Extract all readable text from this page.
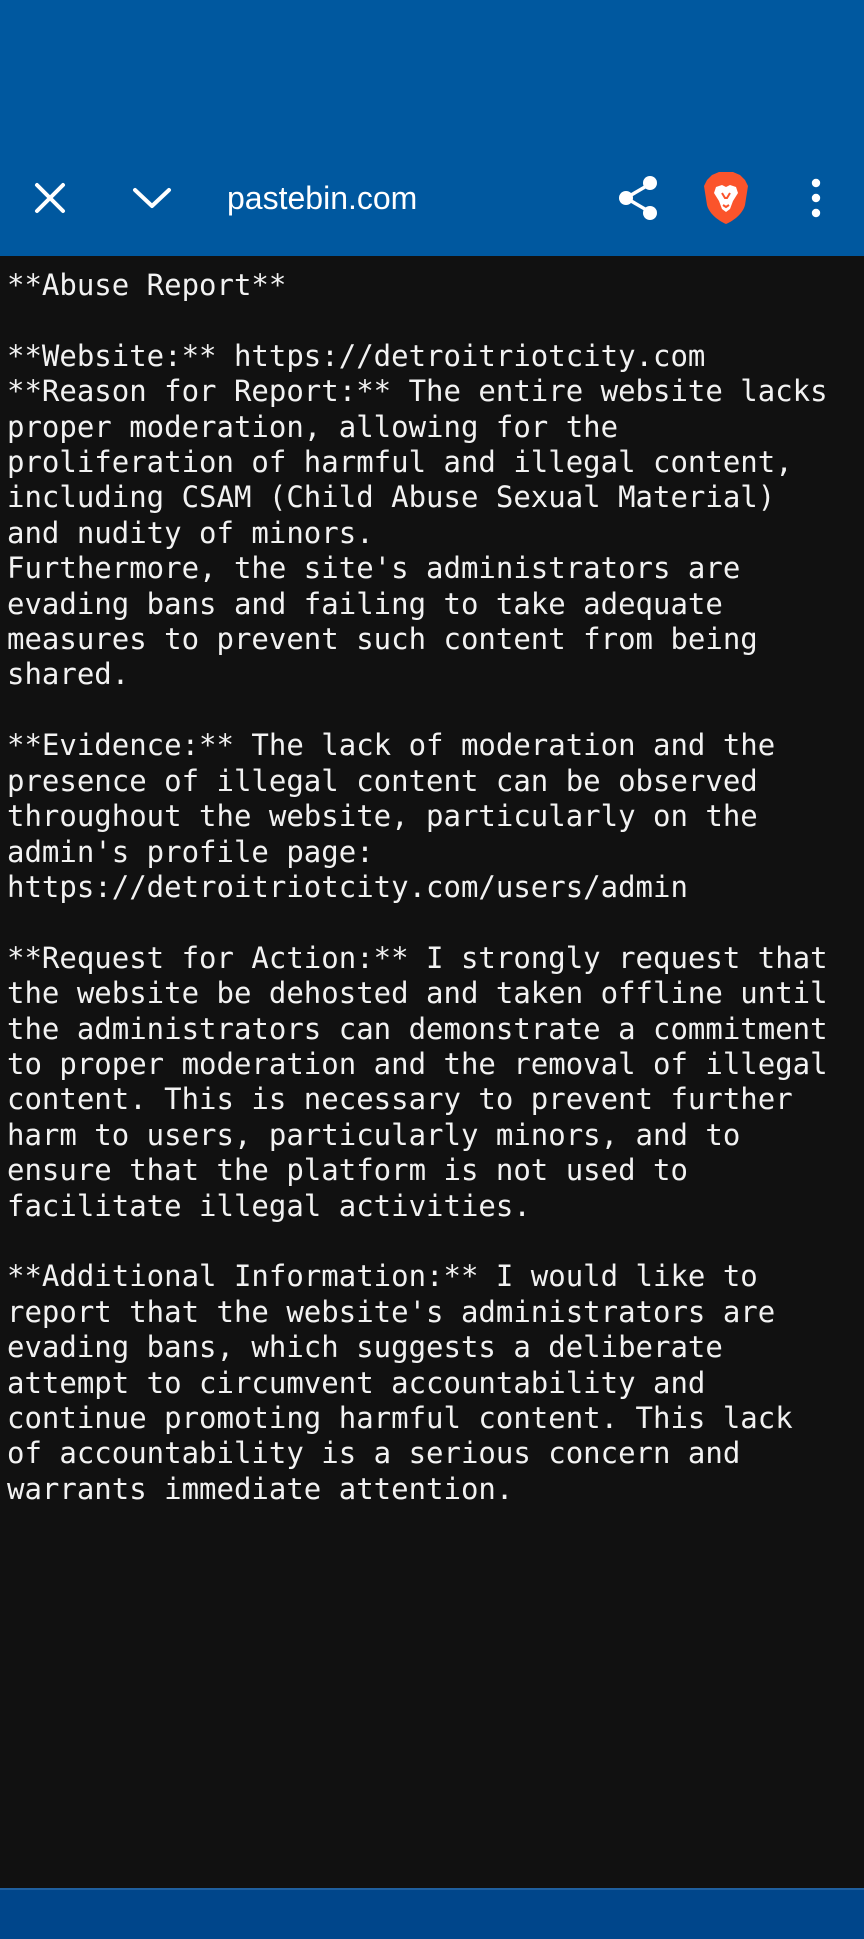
pastebin.com
**Abuse Report**

**Website:** https://detroitriotcity.com
**Reason for Report:** The entire website lacks
proper moderation, allowing for the
proliferation of harmful and illegal content,
including CSAM (Child Abuse Sexual Material)
and nudity of minors.
Furthermore, the site's administrators are
evading bans and failing to take adequate
measures to prevent such content from being
shared.

**Evidence:** The lack of moderation and the
presence of illegal content can be observed
throughout the website, particularly on the
admin's profile page:
https://detroitriotcity.com/users/admin

**Request for Action:** I strongly request that
the website be dehosted and taken offline until
the administrators can demonstrate a commitment
to proper moderation and the removal of illegal
content. This is necessary to prevent further
harm to users, particularly minors, and to
ensure that the platform is not used to
facilitate illegal activities.

**Additional Information:** I would like to
report that the website's administrators are
evading bans, which suggests a deliberate
attempt to circumvent accountability and
continue promoting harmful content. This lack
of accountability is a serious concern and
warrants immediate attention.
